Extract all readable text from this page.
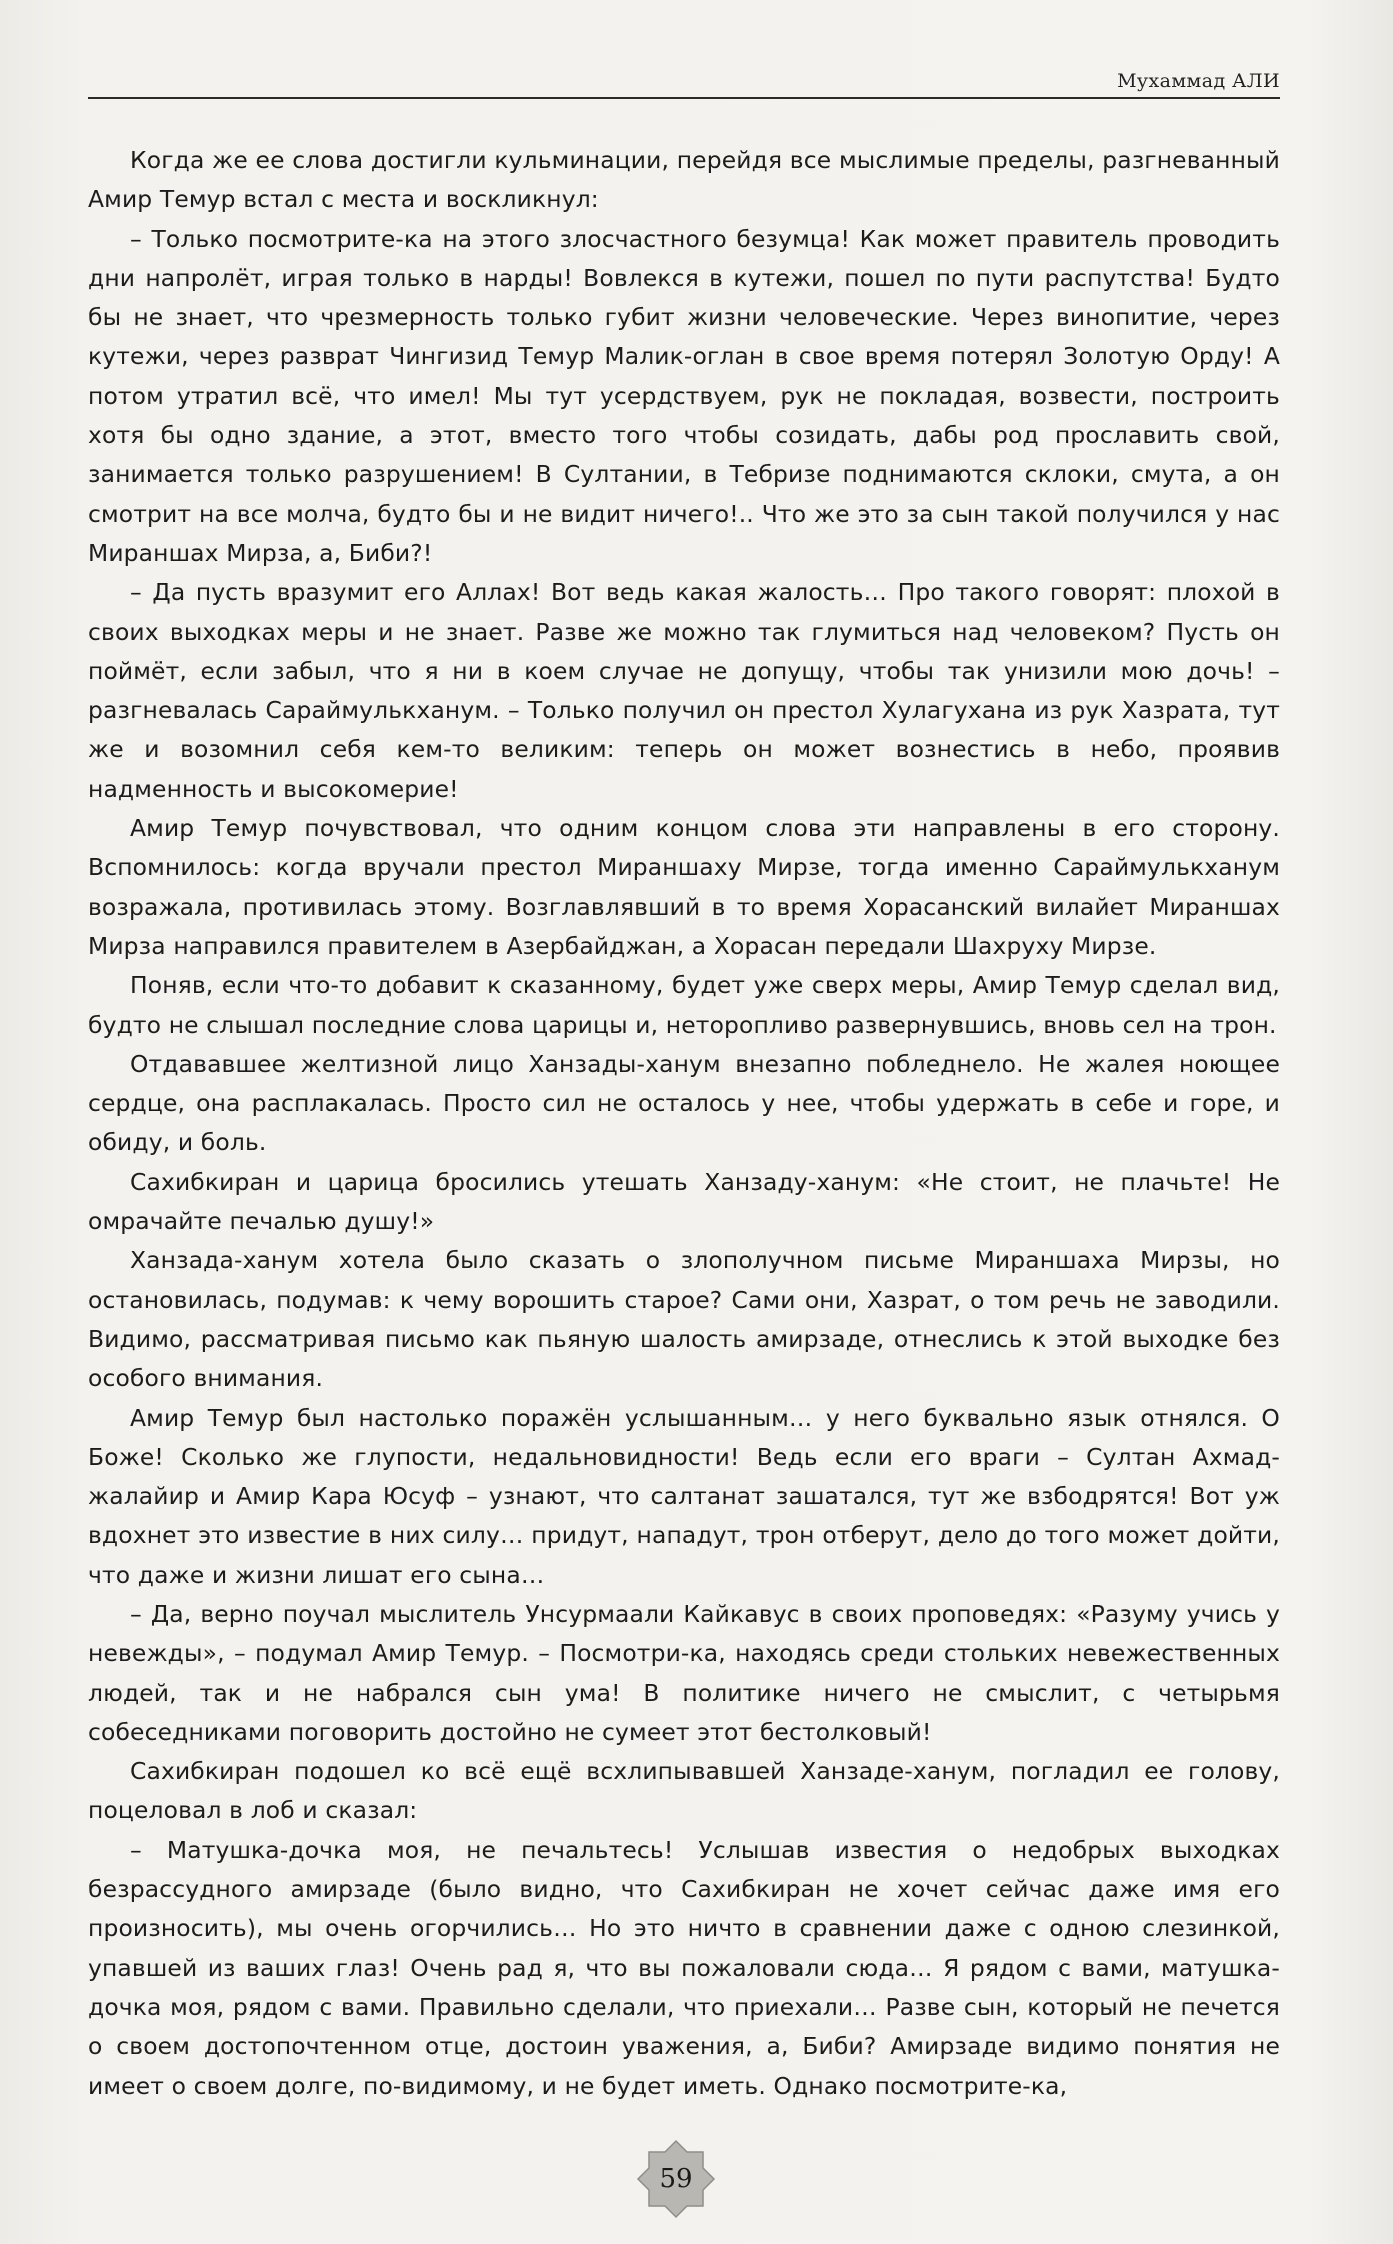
Мухаммад АЛИ

Когда же ее слова достигли кульминации, перейдя все мыслимые пределы, разгневанный Амир Темур встал с места и воскликнул:

– Только посмотрите-ка на этого злосчастного безумца! Как может правитель проводить дни напролёт, играя только в нарды! Вовлекся в кутежи, пошел по пути распутства! Будто бы не знает, что чрезмерность только губит жизни человеческие. Через винопитие, через кутежи, через разврат Чингизид Темур Малик-оглан в свое время потерял Золотую Орду! А потом утратил всё, что имел! Мы тут усердствуем, рук не покладая, возвести, построить хотя бы одно здание, а этот, вместо того чтобы созидать, дабы род прославить свой, занимается только разрушением! В Султании, в Тебризе поднимаются склоки, смута, а он смотрит на все молча, будто бы и не видит ничего!.. Что же это за сын такой получился у нас Мираншах Мирза, а, Биби?!

– Да пусть вразумит его Аллах! Вот ведь какая жалость… Про такого говорят: плохой в своих выходках меры и не знает. Разве же можно так глумиться над человеком? Пусть он поймёт, если забыл, что я ни в коем случае не допущу, чтобы так унизили мою дочь! – разгневалась Сараймулькханум. – Только получил он престол Хулагухана из рук Хазрата, тут же и возомнил себя кем-то великим: теперь он может вознестись в небо, проявив надменность и высокомерие!

Амир Темур почувствовал, что одним концом слова эти направлены в его сторону. Вспомнилось: когда вручали престол Мираншаху Мирзе, тогда именно Сараймулькханум возражала, противилась этому. Возглавлявший в то время Хорасанский вилайет Мираншах Мирза направился правителем в Азербайджан, а Хорасан передали Шахруху Мирзе.

Поняв, если что-то добавит к сказанному, будет уже сверх меры, Амир Темур сделал вид, будто не слышал последние слова царицы и, неторопливо развернувшись, вновь сел на трон.

Отдававшее желтизной лицо Ханзады-ханум внезапно побледнело. Не жалея ноющее сердце, она расплакалась. Просто сил не осталось у нее, чтобы удержать в себе и горе, и обиду, и боль.

Сахибкиран и царица бросились утешать Ханзаду-ханум: «Не стоит, не плачьте! Не омрачайте печалью душу!»

Ханзада-ханум хотела было сказать о злополучном письме Мираншаха Мирзы, но остановилась, подумав: к чему ворошить старое? Сами они, Хазрат, о том речь не заводили. Видимо, рассматривая письмо как пьяную шалость амирзаде, отнеслись к этой выходке без особого внимания.

Амир Темур был настолько поражён услышанным… у него буквально язык отнялся. О Боже! Сколько же глупости, недальновидности! Ведь если его враги – Султан Ахмад-жалайир и Амир Кара Юсуф – узнают, что салтанат зашатался, тут же взбодрятся! Вот уж вдохнет это известие в них силу… придут, нападут, трон отберут, дело до того может дойти, что даже и жизни лишат его сына…

– Да, верно поучал мыслитель Унсурмаали Кайкавус в своих проповедях: «Разуму учись у невежды», – подумал Амир Темур. – Посмотри-ка, находясь среди стольких невежественных людей, так и не набрался сын ума! В политике ничего не смыслит, с четырьмя собеседниками поговорить достойно не сумеет этот бестолковый!

Сахибкиран подошел ко всё ещё всхлипывавшей Ханзаде-ханум, погладил ее голову, поцеловал в лоб и сказал:

– Матушка-дочка моя, не печальтесь! Услышав известия о недобрых выходках безрассудного амирзаде (было видно, что Сахибкиран не хочет сейчас даже имя его произносить), мы очень огорчились… Но это ничто в сравнении даже с одною слезинкой, упавшей из ваших глаз! Очень рад я, что вы пожаловали сюда… Я рядом с вами, матушка-дочка моя, рядом с вами. Правильно сделали, что приехали… Разве сын, который не печется о своем достопочтенном отце, достоин уважения, а, Биби? Амирзаде видимо понятия не имеет о своем долге, по-видимому, и не будет иметь. Однако посмотрите-ка,

59
